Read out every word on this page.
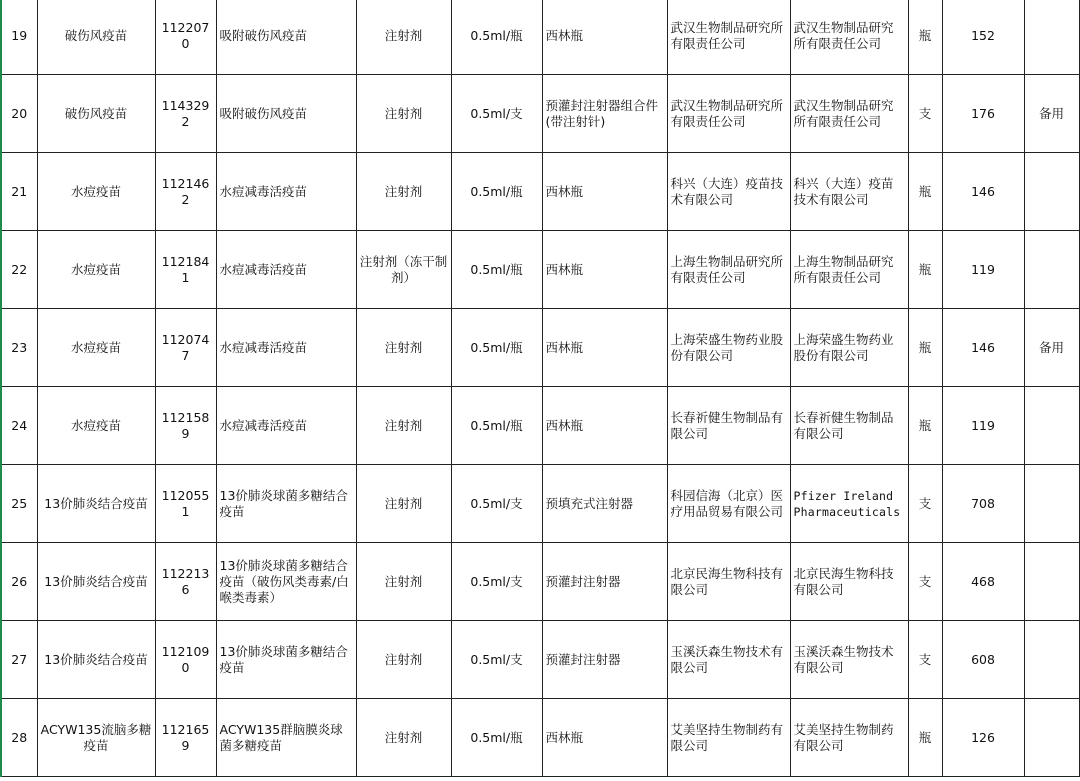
19	破伤风疫苗	1122070	吸附破伤风疫苗	注射剂	0.5ml/瓶	西林瓶	武汉生物制品研究所有限责任公司	武汉生物制品研究所有限责任公司	瓶	152		
20	破伤风疫苗	1143292	吸附破伤风疫苗	注射剂	0.5ml/支	预灌封注射器组合件(带注射针)	武汉生物制品研究所有限责任公司	武汉生物制品研究所有限责任公司	支	176	备用	
21	水痘疫苗	1121462	水痘减毒活疫苗	注射剂	0.5ml/瓶	西林瓶	科兴（大连）疫苗技术有限公司	科兴（大连）疫苗技术有限公司	瓶	146		
22	水痘疫苗	1121841	水痘减毒活疫苗	注射剂（冻干制剂）	0.5ml/瓶	西林瓶	上海生物制品研究所有限责任公司	上海生物制品研究所有限责任公司	瓶	119		
23	水痘疫苗	1120747	水痘减毒活疫苗	注射剂	0.5ml/瓶	西林瓶	上海荣盛生物药业股份有限公司	上海荣盛生物药业股份有限公司	瓶	146	备用	
24	水痘疫苗	1121589	水痘减毒活疫苗	注射剂	0.5ml/瓶	西林瓶	长春祈健生物制品有限公司	长春祈健生物制品有限公司	瓶	119		
25	13价肺炎结合疫苗	1120551	13价肺炎球菌多糖结合疫苗	注射剂	0.5ml/支	预填充式注射器	科园信海（北京）医疗用品贸易有限公司	Pfizer Ireland Pharmaceuticals	支	708		
26	13价肺炎结合疫苗	1122136	13价肺炎球菌多糖结合疫苗（破伤风类毒素/白喉类毒素）	注射剂	0.5ml/支	预灌封注射器	北京民海生物科技有限公司	北京民海生物科技有限公司	支	468		
27	13价肺炎结合疫苗	1121090	13价肺炎球菌多糖结合疫苗	注射剂	0.5ml/支	预灌封注射器	玉溪沃森生物技术有限公司	玉溪沃森生物技术有限公司	支	608		
28	ACYW135流脑多糖疫苗	1121659	ACYW135群脑膜炎球菌多糖疫苗	注射剂	0.5ml/瓶	西林瓶	艾美坚持生物制药有限公司	艾美坚持生物制药有限公司	瓶	126		
